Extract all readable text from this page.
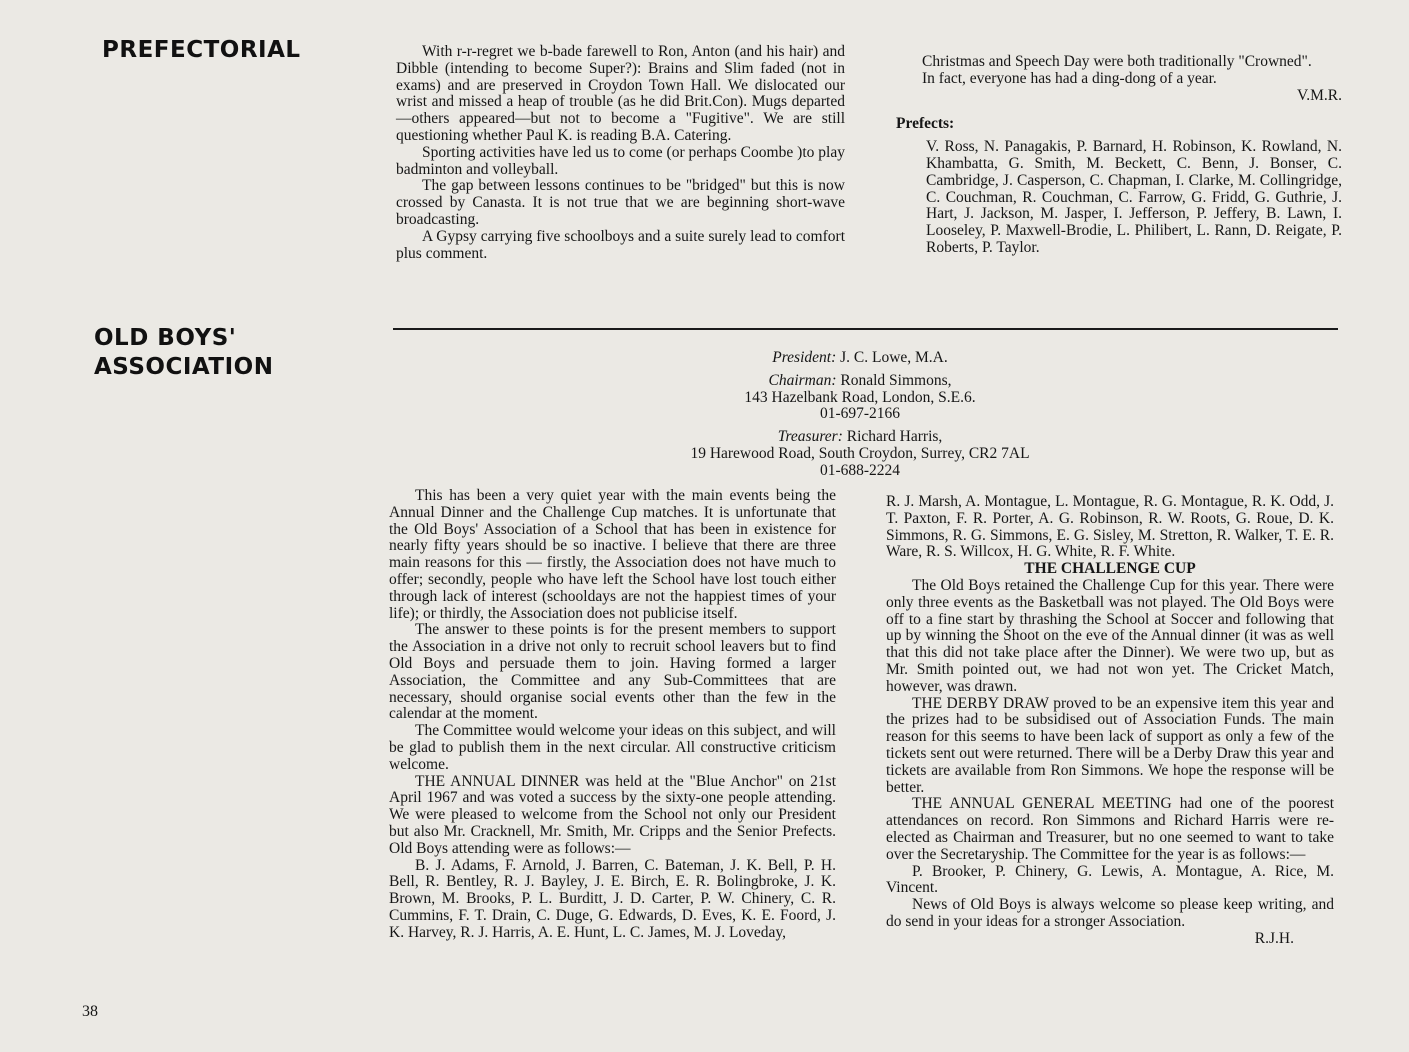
PREFECTORIAL	With r-r-regret we b-bade farewell to Ron, Anton (and his hair) and Dibble (intending to become Super?): Brains and Slim faded (not in exams) and are preserved in Croydon Town Hall. We dislocated our wrist and missed a heap of trouble (as he did Brit.Con). Mugs departed—others appeared—but not to become a "Fugitive". We are still questioning whether Paul K. is reading B.A. Catering.

Sporting activities have led us to come (or perhaps Coombe )to play badminton and volleyball.

The gap between lessons continues to be "bridged" but this is now crossed by Canasta. It is not true that we are beginning short-wave broadcasting.

A Gypsy carrying five schoolboys and a suite surely lead to comfort plus comment.

Christmas and Speech Day were both traditionally "Crowned".

In fact, everyone has had a ding-dong of a year.

V.M.R.

Prefects:

V. Ross, N. Panagakis, P. Barnard, H. Robinson, K. Rowland, N. Khambatta, G. Smith, M. Beckett, C. Benn, J. Bonser, C. Cambridge, J. Casperson, C. Chapman, I. Clarke, M. Collingridge, C. Couchman, R. Couchman, C. Farrow, G. Fridd, G. Guthrie, J. Hart, J. Jackson, M. Jasper, I. Jefferson, P. Jeffery, B. Lawn, I. Looseley, P. Maxwell-Brodie, L. Philibert, L. Rann, D. Reigate, P. Roberts, P. Taylor.

OLD BOYS'
ASSOCIATION	President: J. C. Lowe, M.A.
Chairman: Ronald Simmons,
143 Hazelbank Road, London, S.E.6.
01-697-2166
Treasurer: Richard Harris,
19 Harewood Road, South Croydon, Surrey, CR2 7AL
01-688-2224

This has been a very quiet year with the main events being the Annual Dinner and the Challenge Cup matches. It is unfortunate that the Old Boys' Association of a School that has been in existence for nearly fifty years should be so inactive. I believe that there are three main reasons for this — firstly, the Association does not have much to offer; secondly, people who have left the School have lost touch either through lack of interest (schooldays are not the happiest times of your life); or thirdly, the Association does not publicise itself.

The answer to these points is for the present members to support the Association in a drive not only to recruit school leavers but to find Old Boys and persuade them to join. Having formed a larger Association, the Committee and any Sub-Committees that are necessary, should organise social events other than the few in the calendar at the moment.

The Committee would welcome your ideas on this subject, and will be glad to publish them in the next circular. All constructive criticism welcome.

THE ANNUAL DINNER was held at the "Blue Anchor" on 21st April 1967 and was voted a success by the sixty-one people attending. We were pleased to welcome from the School not only our President but also Mr. Cracknell, Mr. Smith, Mr. Cripps and the Senior Prefects. Old Boys attending were as follows:—

B. J. Adams, F. Arnold, J. Barren, C. Bateman, J. K. Bell, P. H. Bell, R. Bentley, R. J. Bayley, J. E. Birch, E. R. Bolingbroke, J. K. Brown, M. Brooks, P. L. Burditt, J. D. Carter, P. W. Chinery, C. R. Cummins, F. T. Drain, C. Duge, G. Edwards, D. Eves, K. E. Foord, J. K. Harvey, R. J. Harris, A. E. Hunt, L. C. James, M. J. Loveday,

R. J. Marsh, A. Montague, L. Montague, R. G. Montague, R. K. Odd, J. T. Paxton, F. R. Porter, A. G. Robinson, R. W. Roots, G. Roue, D. K. Simmons, R. G. Simmons, E. G. Sisley, M. Stretton, R. Walker, T. E. R. Ware, R. S. Willcox, H. G. White, R. F. White.

THE CHALLENGE CUP

The Old Boys retained the Challenge Cup for this year. There were only three events as the Basketball was not played. The Old Boys were off to a fine start by thrashing the School at Soccer and following that up by winning the Shoot on the eve of the Annual dinner (it was as well that this did not take place after the Dinner). We were two up, but as Mr. Smith pointed out, we had not won yet. The Cricket Match, however, was drawn.

THE DERBY DRAW proved to be an expensive item this year and the prizes had to be subsidised out of Association Funds. The main reason for this seems to have been lack of support as only a few of the tickets sent out were returned. There will be a Derby Draw this year and tickets are available from Ron Simmons. We hope the response will be better.

THE ANNUAL GENERAL MEETING had one of the poorest attendances on record. Ron Simmons and Richard Harris were re-elected as Chairman and Treasurer, but no one seemed to want to take over the Secretaryship. The Committee for the year is as follows:—

P. Brooker, P. Chinery, G. Lewis, A. Montague, A. Rice, M. Vincent.

News of Old Boys is always welcome so please keep writing, and do send in your ideas for a stronger Association.

R.J.H.

38
